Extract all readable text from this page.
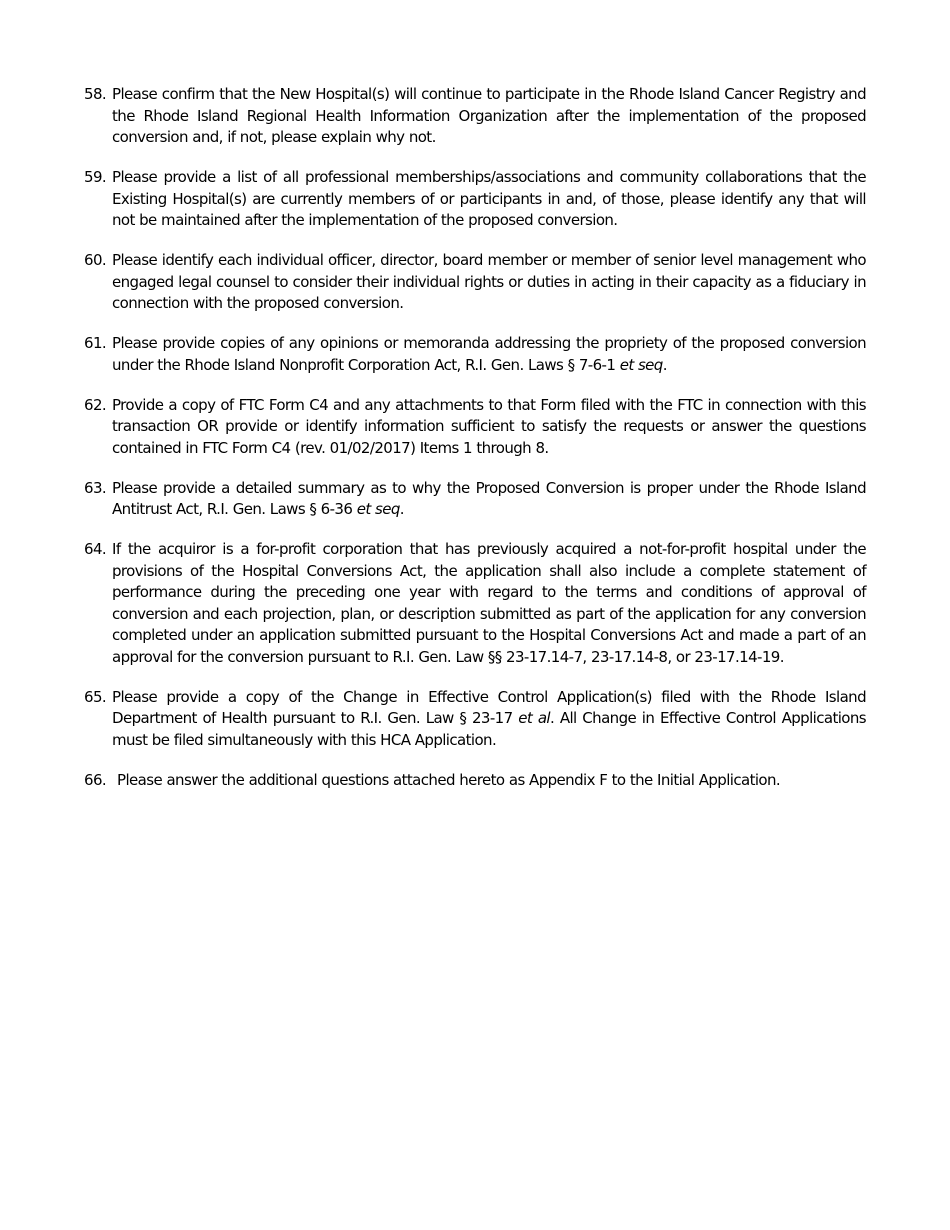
58. Please confirm that the New Hospital(s) will continue to participate in the Rhode Island Cancer Registry and the Rhode Island Regional Health Information Organization after the implementation of the proposed conversion and, if not, please explain why not.
59. Please provide a list of all professional memberships/associations and community collaborations that the Existing Hospital(s) are currently members of or participants in and, of those, please identify any that will not be maintained after the implementation of the proposed conversion.
60. Please identify each individual officer, director, board member or member of senior level management who engaged legal counsel to consider their individual rights or duties in acting in their capacity as a fiduciary in connection with the proposed conversion.
61. Please provide copies of any opinions or memoranda addressing the propriety of the proposed conversion under the Rhode Island Nonprofit Corporation Act, R.I. Gen. Laws § 7-6-1 et seq.
62. Provide a copy of FTC Form C4 and any attachments to that Form filed with the FTC in connection with this transaction OR provide or identify information sufficient to satisfy the requests or answer the questions contained in FTC Form C4 (rev. 01/02/2017) Items 1 through 8.
63. Please provide a detailed summary as to why the Proposed Conversion is proper under the Rhode Island Antitrust Act, R.I. Gen. Laws § 6-36 et seq.
64. If the acquiror is a for-profit corporation that has previously acquired a not-for-profit hospital under the provisions of the Hospital Conversions Act, the application shall also include a complete statement of performance during the preceding one year with regard to the terms and conditions of approval of conversion and each projection, plan, or description submitted as part of the application for any conversion completed under an application submitted pursuant to the Hospital Conversions Act and made a part of an approval for the conversion pursuant to R.I. Gen. Law §§ 23-17.14-7, 23-17.14-8, or 23-17.14-19.
65. Please provide a copy of the Change in Effective Control Application(s) filed with the Rhode Island Department of Health pursuant to R.I. Gen. Law § 23-17 et al. All Change in Effective Control Applications must be filed simultaneously with this HCA Application.
66. Please answer the additional questions attached hereto as Appendix F to the Initial Application.
